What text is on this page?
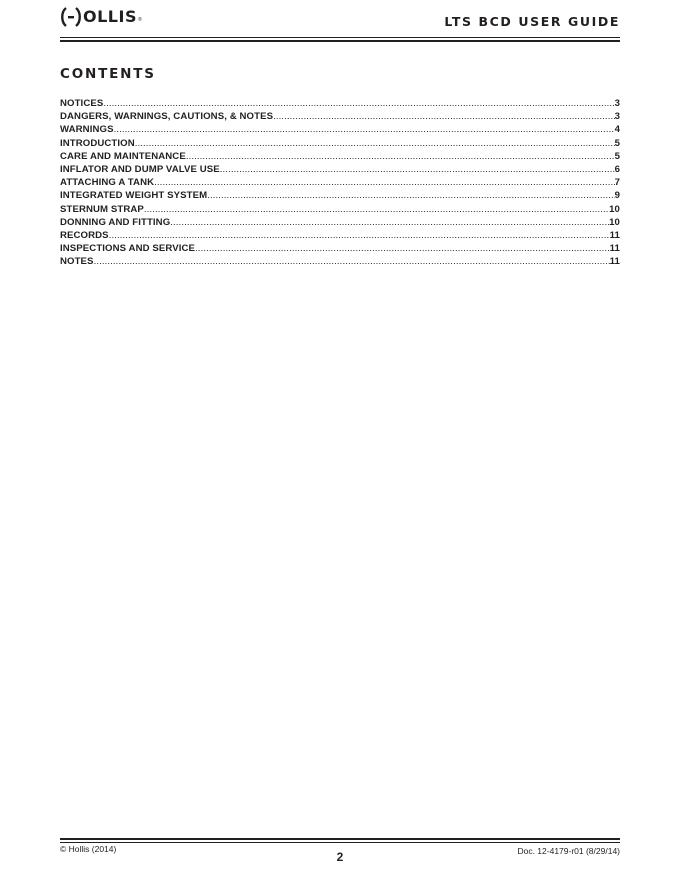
OLLIS ®	LTS BCD USER GUIDE
CONTENTS
NOTICES .....	3
DANGERS, WARNINGS, CAUTIONS, & NOTES .....	3
WARNINGS .....	4
INTRODUCTION .....	5
CARE AND MAINTENANCE .....	5
INFLATOR AND DUMP VALVE USE .....	6
ATTACHING A TANK .....	7
INTEGRATED WEIGHT SYSTEM .....	9
STERNUM STRAP .....	10
DONNING AND FITTING .....	10
RECORDS .....	11
INSPECTIONS AND SERVICE .....	11
NOTES .....	11
© Hollis (2014)
2	Doc. 12-4179-r01 (8/29/14)
